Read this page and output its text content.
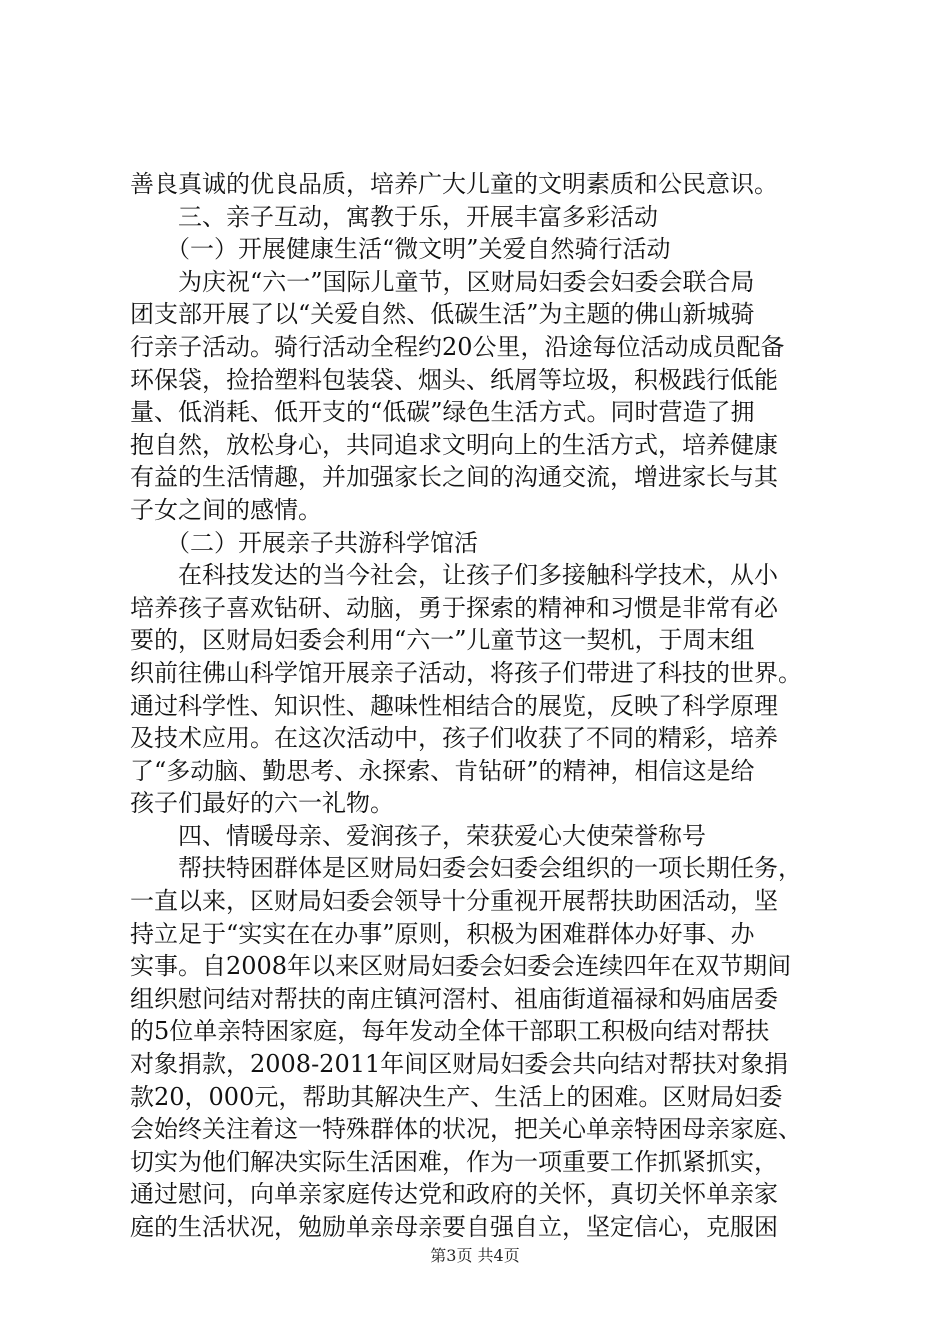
善良真诚的优良品质，培养广大儿童的文明素质和公民意识。
三、亲子互动，寓教于乐，开展丰富多彩活动
（一）开展健康生活“微文明”关爱自然骑行活动
为庆祝“六一”国际儿童节，区财局妇委会妇委会联合局
团支部开展了以“关爱自然、低碳生活”为主题的佛山新城骑
行亲子活动。骑行活动全程约20公里，沿途每位活动成员配备
环保袋，捡拾塑料包装袋、烟头、纸屑等垃圾，积极践行低能
量、低消耗、低开支的“低碳”绿色生活方式。同时营造了拥
抱自然，放松身心，共同追求文明向上的生活方式，培养健康
有益的生活情趣，并加强家长之间的沟通交流，增进家长与其
子女之间的感情。
（二）开展亲子共游科学馆活
在科技发达的当今社会，让孩子们多接触科学技术，从小
培养孩子喜欢钻研、动脑，勇于探索的精神和习惯是非常有必
要的，区财局妇委会利用“六一”儿童节这一契机，于周末组
织前往佛山科学馆开展亲子活动，将孩子们带进了科技的世界。
通过科学性、知识性、趣味性相结合的展览，反映了科学原理
及技术应用。在这次活动中，孩子们收获了不同的精彩，培养
了“多动脑、勤思考、永探索、肯钻研”的精神，相信这是给
孩子们最好的六一礼物。
四、情暖母亲、爱润孩子，荣获爱心大使荣誉称号
帮扶特困群体是区财局妇委会妇委会组织的一项长期任务，
一直以来，区财局妇委会领导十分重视开展帮扶助困活动，坚
持立足于“实实在在办事”原则，积极为困难群体办好事、办
实事。自2008年以来区财局妇委会妇委会连续四年在双节期间
组织慰问结对帮扶的南庄镇河滘村、祖庙街道福禄和妈庙居委
的5位单亲特困家庭，每年发动全体干部职工积极向结对帮扶
对象捐款，2008-2011年间区财局妇委会共向结对帮扶对象捐
款20，000元，帮助其解决生产、生活上的困难。区财局妇委
会始终关注着这一特殊群体的状况，把关心单亲特困母亲家庭、
切实为他们解决实际生活困难，作为一项重要工作抓紧抓实，
通过慰问，向单亲家庭传达党和政府的关怀，真切关怀单亲家
庭的生活状况，勉励单亲母亲要自强自立，坚定信心，克服困
第3页 共4页
